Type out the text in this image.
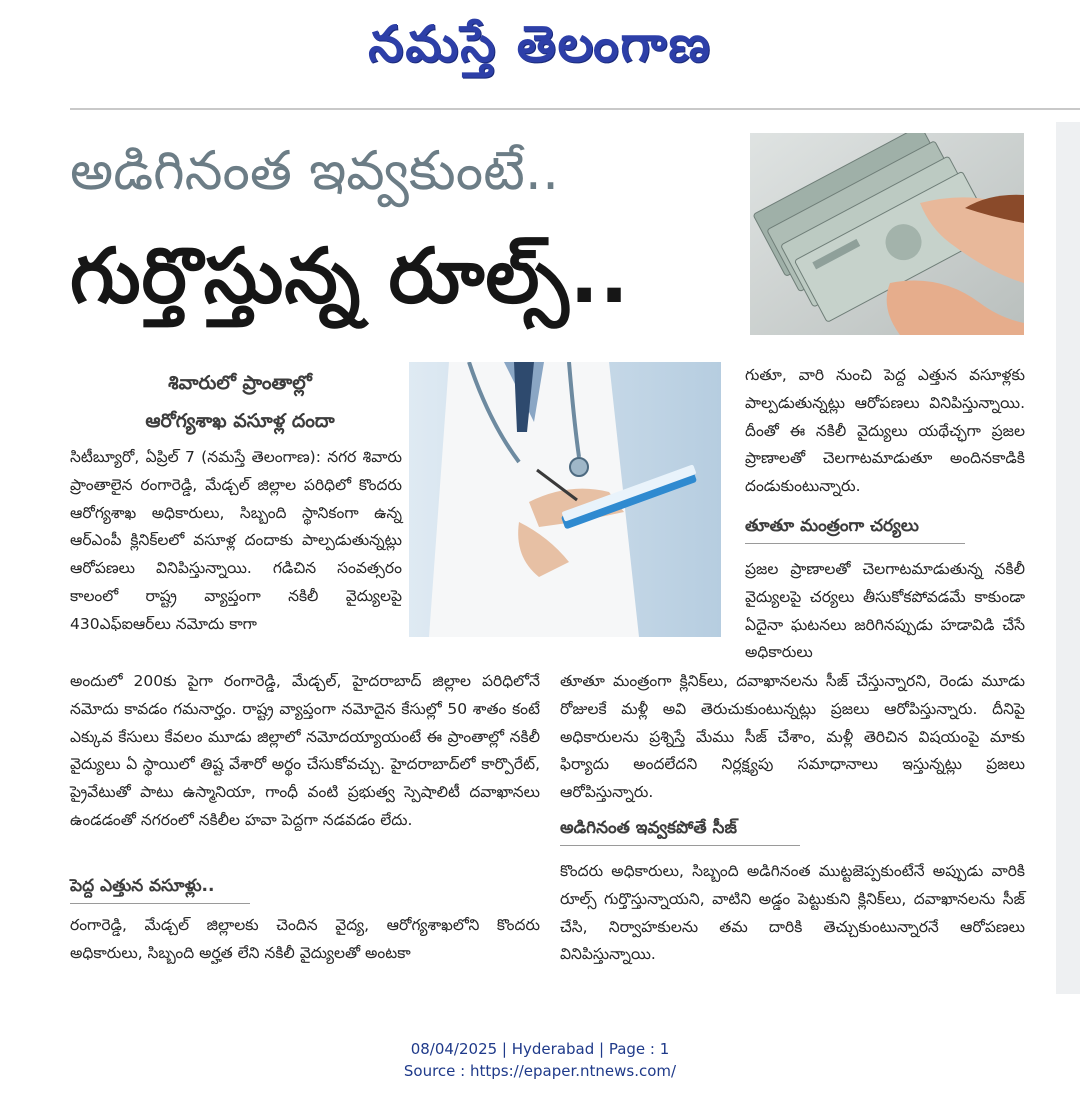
నమస్తే తెలంగాణ
అడిగినంత ఇవ్వకుంటే..
గుర్తొస్తున్న రూల్స్..
శివారులో ప్రాంతాల్లో
ఆరోగ్యశాఖ వసూళ్ల దందా

సిటీబ్యూరో, ఏప్రిల్ 7 (నమస్తే తెలంగాణ): నగర శివారు ప్రాంతాలైన రంగారెడ్డి, మేడ్చల్ జిల్లాల పరిధిలో కొందరు ఆరోగ్యశాఖ అధికారులు, సిబ్బంది స్థానికంగా ఉన్న ఆర్‌ఎంపీ క్లినిక్‌లలో వసూళ్ల దందాకు పాల్పడుతున్నట్లు ఆరోపణలు వినిపిస్తున్నాయి. గడిచిన సంవత్సరం కాలంలో రాష్ట్ర వ్యాప్తంగా నకిలీ వైద్యులపై 430ఎఫ్ఐఆర్‌లు నమోదు కాగా

అందులో 200కు పైగా రంగారెడ్డి, మేడ్చల్, హైదరాబాద్ జిల్లాల పరిధిలోనే నమోదు కావడం గమనార్హం. రాష్ట్ర వ్యాప్తంగా నమోదైన కేసుల్లో 50 శాతం కంటే ఎక్కువ కేసులు కేవలం మూడు జిల్లాలో నమోదయ్యాయంటే ఈ ప్రాంతాల్లో నకిలీ వైద్యులు ఏ స్థాయిలో తిష్ట వేశారో అర్థం చేసుకోవచ్చు. హైదరాబాద్‌లో కార్పొరేట్, ప్రైవేటుతో పాటు ఉస్మానియా, గాంధీ వంటి ప్రభుత్వ స్పెషాలిటీ దవాఖానలు ఉండడంతో నగరంలో నకిలీల హవా పెద్దగా నడవడం లేదు.

పెద్ద ఎత్తున వసూళ్లు..

రంగారెడ్డి, మేడ్చల్ జిల్లాలకు చెందిన వైద్య, ఆరోగ్యశాఖలోని కొందరు అధికారులు, సిబ్బంది అర్హత లేని నకిలీ వైద్యులతో అంటకా

గుతూ, వారి నుంచి పెద్ద ఎత్తున వసూళ్లకు పాల్పడుతున్నట్లు ఆరోపణలు వినిపిస్తున్నాయి. దీంతో ఈ నకిలీ వైద్యులు యథేచ్ఛగా ప్రజల ప్రాణాలతో చెలగాటమాడుతూ అందినకాడికి దండుకుంటున్నారు.

తూతూ మంత్రంగా చర్యలు

ప్రజల ప్రాణాలతో చెలగాటమాడుతున్న నకిలీ వైద్యులపై చర్యలు తీసుకోకపోవడమే కాకుండా ఏదైనా ఘటనలు జరిగినప్పుడు హడావిడి చేసే అధికారులు

తూతూ మంత్రంగా క్లినిక్‌లు, దవాఖానలను సీజ్ చేస్తున్నారని, రెండు మూడు రోజులకే మళ్లీ అవి తెరుచుకుంటున్నట్లు ప్రజలు ఆరోపిస్తున్నారు. దీనిపై అధికారులను ప్రశ్నిస్తే మేము సీజ్ చేశాం, మళ్లీ తెరిచిన విషయంపై మాకు ఫిర్యాదు అందలేదని నిర్లక్ష్యపు సమాధానాలు ఇస్తున్నట్లు ప్రజలు ఆరోపిస్తున్నారు.

అడిగినంత ఇవ్వకపోతే సీజ్

కొందరు అధికారులు, సిబ్బంది అడిగినంత ముట్టజెప్పకుంటేనే అప్పుడు వారికి రూల్స్ గుర్తొస్తున్నాయని, వాటిని అడ్డం పెట్టుకుని క్లినిక్‌లు, దవాఖానలను సీజ్ చేసి, నిర్వాహకులను తమ దారికి తెచ్చుకుంటున్నారనే ఆరోపణలు వినిపిస్తున్నాయి.

08/04/2025 | Hyderabad | Page : 1
Source : https://epaper.ntnews.com/
